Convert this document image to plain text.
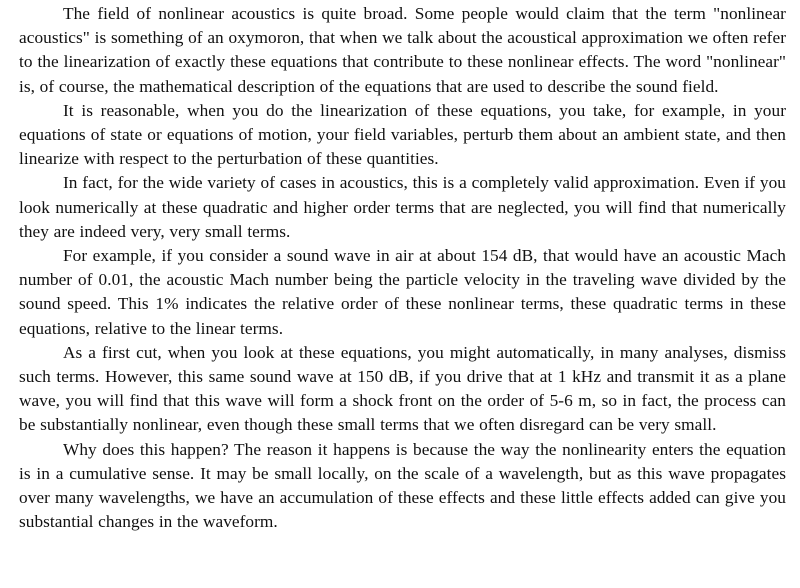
The field of nonlinear acoustics is quite broad. Some people would claim that the term "nonlinear acoustics" is something of an oxymoron, that when we talk about the acoustical approximation we often refer to the linearization of exactly these equations that contribute to these nonlinear effects. The word "nonlinear" is, of course, the mathematical description of the equations that are used to describe the sound field.

It is reasonable, when you do the linearization of these equations, you take, for example, in your equations of state or equations of motion, your field variables, perturb them about an ambient state, and then linearize with respect to the perturbation of these quantities.

In fact, for the wide variety of cases in acoustics, this is a completely valid approximation. Even if you look numerically at these quadratic and higher order terms that are neglected, you will find that numerically they are indeed very, very small terms.

For example, if you consider a sound wave in air at about 154 dB, that would have an acoustic Mach number of 0.01, the acoustic Mach number being the particle velocity in the traveling wave divided by the sound speed. This 1% indicates the relative order of these nonlinear terms, these quadratic terms in these equations, relative to the linear terms.

As a first cut, when you look at these equations, you might automatically, in many analyses, dismiss such terms. However, this same sound wave at 150 dB, if you drive that at 1 kHz and transmit it as a plane wave, you will find that this wave will form a shock front on the order of 5-6 m, so in fact, the process can be substantially nonlinear, even though these small terms that we often disregard can be very small.

Why does this happen? The reason it happens is because the way the nonlinearity enters the equation is in a cumulative sense. It may be small locally, on the scale of a wavelength, but as this wave propagates over many wavelengths, we have an accumulation of these effects and these little effects added can give you substantial changes in the waveform.
